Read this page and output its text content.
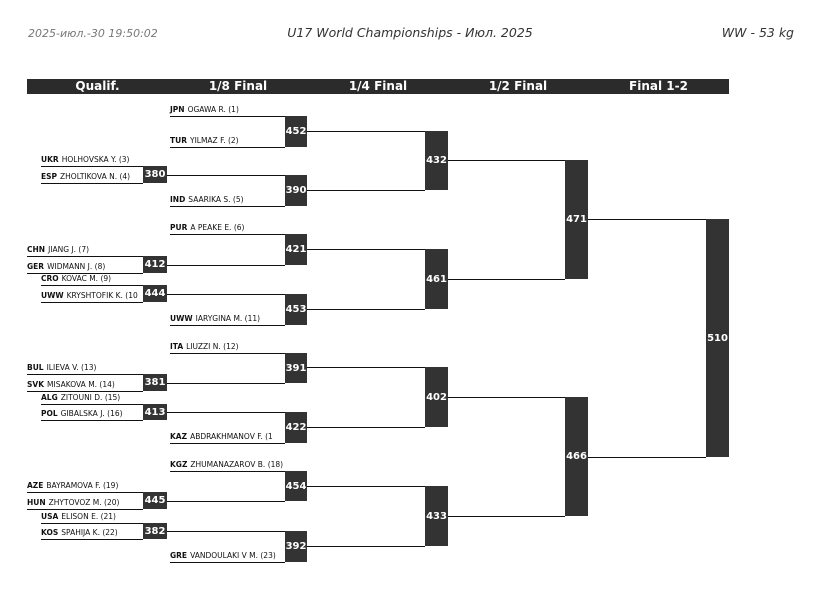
2025-июл.-30 19:50:02	U17 World Championships - Июл. 2025	WW - 53 kg
Qualif.	1/8 Final	1/4 Final	1/2 Final	Final 1-2
JPN OGAWA R. (1)
TUR YILMAZ F. (2)
452
UKR HOLHOVSKA Y. (3)
ESP ZHOLTIKOVA N. (4) 380
IND SAARIKA S. (5)
390
432
PUR A PEAKE E. (6)
CHN JIANG J. (7)
GER WIDMANN J. (8)	412
421
CRO KOVAC M. (9)
UWW KRYSHTOFIK K. (10 444
UWW IARYGINA M. (11)
453
461
471
ITA LIUZZI N. (12)
BUL ILIEVA V. (13)
SVK MISAKOVA M. (14)	381
391
ALG ZITOUNI D. (15)
POL GIBALSKA J. (16) 413
KAZ ABDRAKHMANOV F. (1
422
402
KGZ ZHUMANAZAROV B. (18)
AZE BAYRAMOVA F. (19)
HUN ZHYTOVOZ M. (20)	445
454
USA ELISON E. (21)
KOS SPAHIJA K. (22)	382
GRE VANDOULAKI V M. (23)
392
433
466
510
